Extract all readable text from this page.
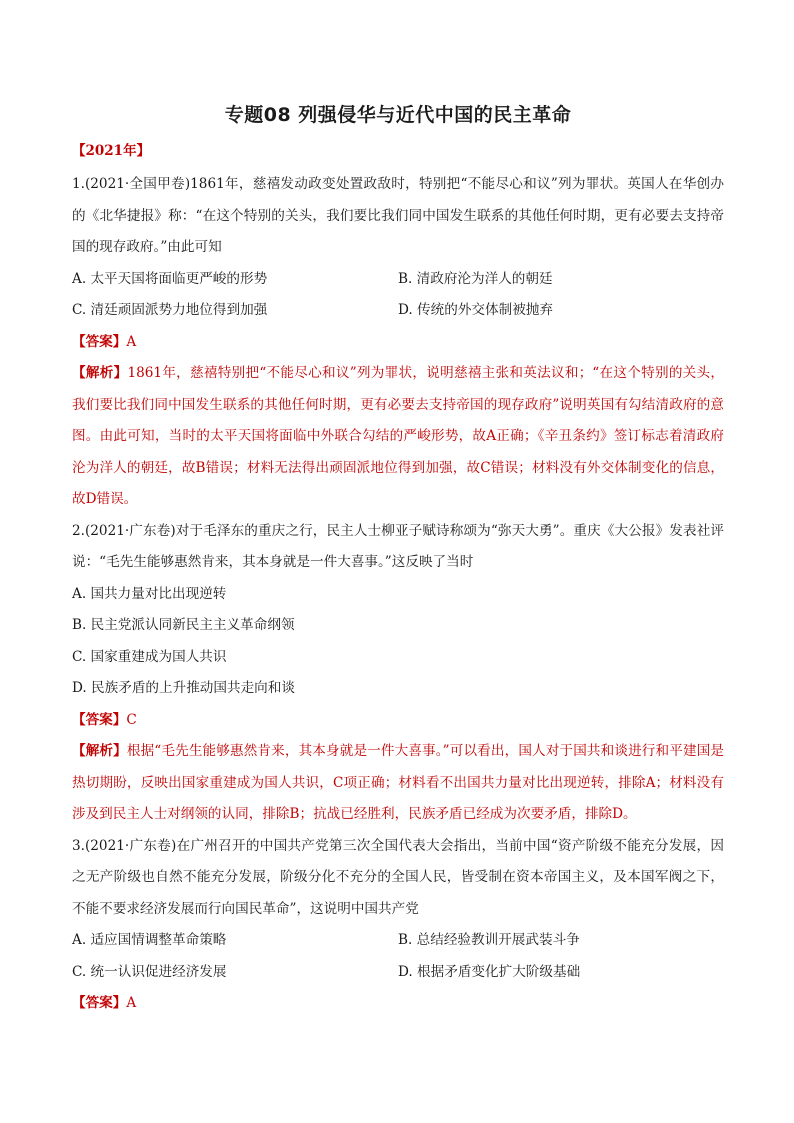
专题08 列强侵华与近代中国的民主革命
【2021年】

1.(2021·全国甲卷)1861年，慈禧发动政变处置政敌时，特别把“不能尽心和议”列为罪状。英国人在华创办的《北华捷报》称：“在这个特别的关头，我们要比我们同中国发生联系的其他任何时期，更有必要去支持帝国的现存政府。”由此可知

A. 太平天国将面临更严峻的形势	B. 清政府沦为洋人的朝廷
C. 清廷顽固派势力地位得到加强	D. 传统的外交体制被抛弃
【答案】A

【解析】1861年，慈禧特别把“不能尽心和议”列为罪状，说明慈禧主张和英法议和；“在这个特别的关头，我们要比我们同中国发生联系的其他任何时期，更有必要去支持帝国的现存政府”说明英国有勾结清政府的意图。由此可知，当时的太平天国将面临中外联合勾结的严峻形势，故A正确；《辛丑条约》签订标志着清政府沦为洋人的朝廷，故B错误；材料无法得出顽固派地位得到加强，故C错误；材料没有外交体制变化的信息，故D错误。

2.(2021·广东卷)对于毛泽东的重庆之行，民主人士柳亚子赋诗称颂为“弥天大勇”。重庆《大公报》发表社评说：“毛先生能够惠然肯来，其本身就是一件大喜事。”这反映了当时

A. 国共力量对比出现逆转
B. 民主党派认同新民主主义革命纲领
C. 国家重建成为国人共识
D. 民族矛盾的上升推动国共走向和谈
【答案】C

【解析】根据“毛先生能够惠然肯来，其本身就是一件大喜事。”可以看出，国人对于国共和谈进行和平建国是热切期盼，反映出国家重建成为国人共识，C项正确；材料看不出国共力量对比出现逆转，排除A；材料没有涉及到民主人士对纲领的认同，排除B；抗战已经胜利，民族矛盾已经成为次要矛盾，排除D。

3.(2021·广东卷)在广州召开的中国共产党第三次全国代表大会指出，当前中国“资产阶级不能充分发展，因之无产阶级也自然不能充分发展，阶级分化不充分的全国人民，皆受制在资本帝国主义，及本国军阀之下，不能不要求经济发展而行向国民革命”，这说明中国共产党

A. 适应国情调整革命策略	B. 总结经验教训开展武装斗争
C. 统一认识促进经济发展	D. 根据矛盾变化扩大阶级基础
【答案】A
